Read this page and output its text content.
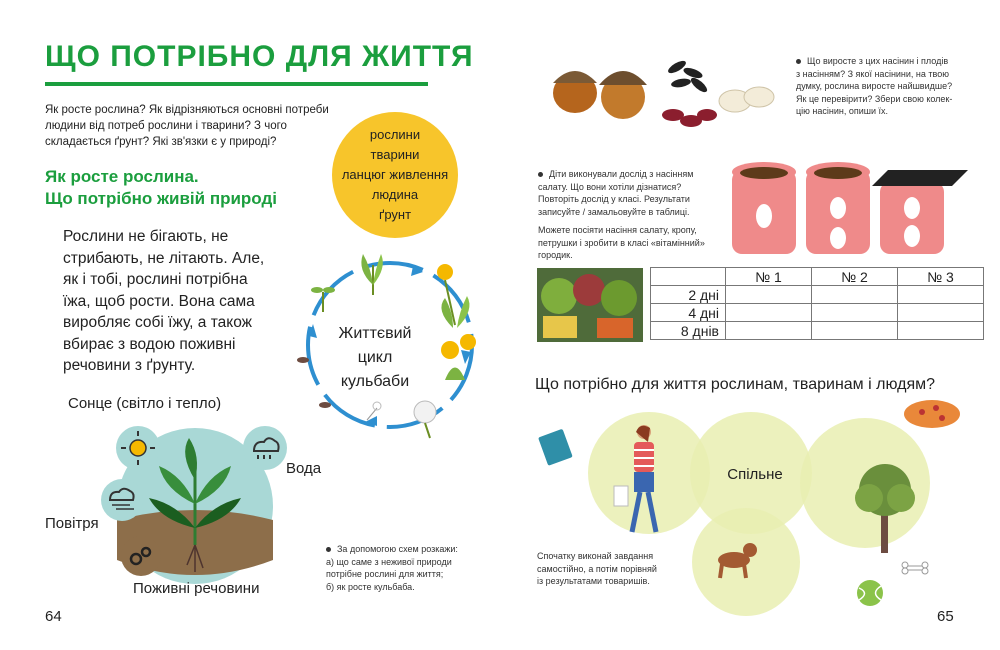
ЩО ПОТРІБНО ДЛЯ ЖИТТЯ
Як росте рослина? Як відрізняються основні потреби людини від потреб рослини і тварини? З чого складається ґрунт? Які зв'язки є у природі?
Як росте рослина.
Що потрібно живій природі
Рослини не бігають, не
стрибають, не літають. Але,
як і тобі, рослині потрібна
їжа, щоб рости. Вона сама
виробляє собі їжу, а також
вбирає з водою поживні
речовини з ґрунту.
рослини
тварини
ланцюг живлення
людина
ґрунт
Життєвий
цикл
кульбаби
Сонце (світло і тепло)
Вода
Повітря
Поживні речовини
За допомогою схем розкажи:
а) що саме з неживої природи
потрібне рослині для життя;
б) як росте кульбаба.
64
Що виросте з цих насінин і плодів
з насінням? З якої насінини, на твою
думку, рослина виросте найшвидше?
Як це перевірити? Збери свою колек-
цію насінин, опиши їх.
Діти виконували дослід з насінням
салату. Що вони хотіли дізнатися?
Повторіть дослід у класі. Результати
записуйте / замальовуйте в таблиці.
Можете посіяти насіння салату, кропу,
петрушки і зробити в класі «вітамінний»
городик.
	№ 1	№ 2	№ 3
2 дні			
4 дні			
8 днів			
Що потрібно для життя рослинам, тваринам і людям?
Спільне
Спочатку виконай завдання
самостійно, а потім порівняй
із результатами товаришів.
65
